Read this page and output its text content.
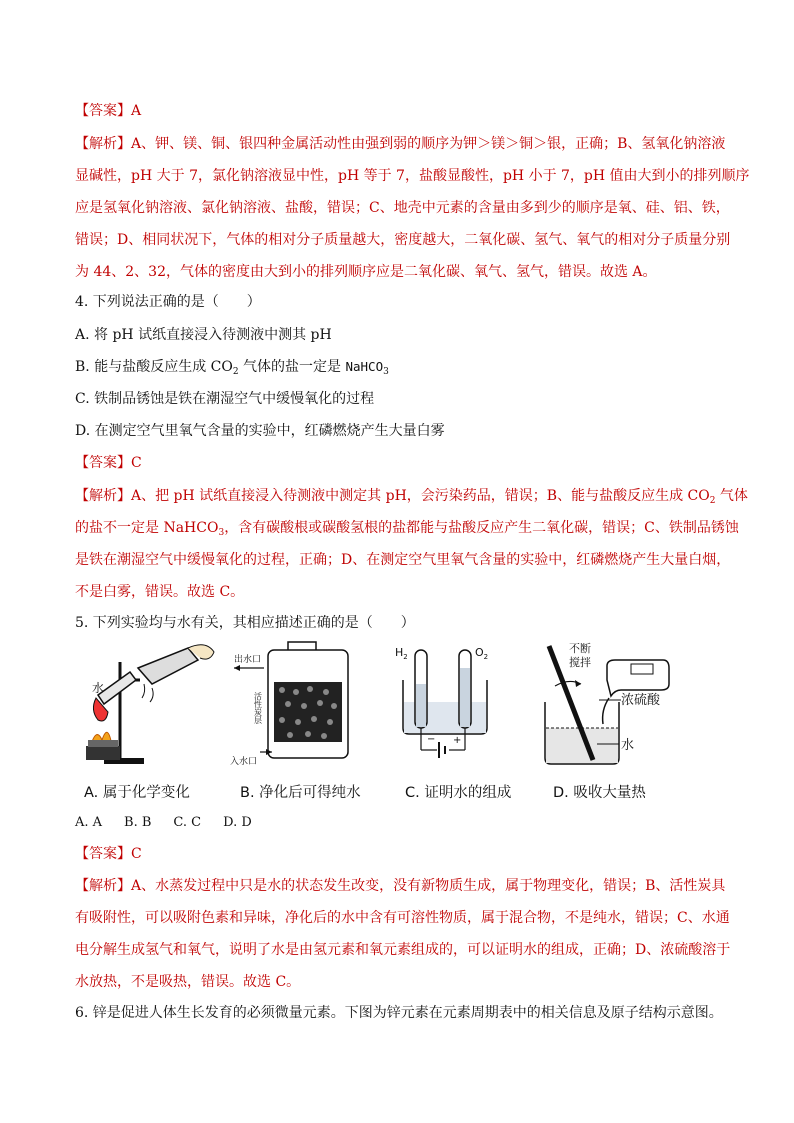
【答案】A
【解析】A、钾、镁、铜、银四种金属活动性由强到弱的顺序为钾＞镁＞铜＞银，正确；B、氢氧化钠溶液
显碱性，pH 大于 7，氯化钠溶液显中性，pH 等于 7，盐酸显酸性，pH 小于 7，pH 值由大到小的排列顺序
应是氢氧化钠溶液、氯化钠溶液、盐酸，错误；C、地壳中元素的含量由多到少的顺序是氧、硅、铝、铁，
错误；D、相同状况下，气体的相对分子质量越大，密度越大，二氧化碳、氢气、氧气的相对分子质量分别
为 44、2、32，气体的密度由大到小的排列顺序应是二氧化碳、氧气、氢气，错误。故选 A。
4. 下列说法正确的是（　　）
A. 将 pH 试纸直接浸入待测液中测其 pH
B. 能与盐酸反应生成 $CO_2$ 气体的盐一定是 NaHCO$_3$
C. 铁制品锈蚀是铁在潮湿空气中缓慢氧化的过程
D. 在测定空气里氧气含量的实验中，红磷燃烧产生大量白雾
【答案】C
【解析】A、把 pH 试纸直接浸入待测液中测定其 pH，会污染药品，错误；B、能与盐酸反应生成 $CO_2$ 气体
的盐不一定是 NaHCO$_3$，含有碳酸根或碳酸氢根的盐都能与盐酸反应产生二氧化碳，错误；C、铁制品锈蚀
是铁在潮湿空气中缓慢氧化的过程，正确；D、在测定空气里氧气含量的实验中，红磷燃烧产生大量白烟，
不是白雾，错误。故选 C。
5. 下列实验均与水有关，其相应描述正确的是（　　）
水
出水口
入水口
活性炭层
$H_2$	$O_2$
− +
不断
搅拌
浓硫酸
水
A. 属于化学变化	B. 净化后可得纯水	C. 证明水的组成	D. 吸收大量热
A. A B. B C. C D. D
【答案】C
【解析】A、水蒸发过程中只是水的状态发生改变，没有新物质生成，属于物理变化，错误；B、活性炭具
有吸附性，可以吸附色素和异味，净化后的水中含有可溶性物质，属于混合物，不是纯水，错误；C、水通
电分解生成氢气和氧气，说明了水是由氢元素和氧元素组成的，可以证明水的组成，正确；D、浓硫酸溶于
水放热，不是吸热，错误。故选 C。
6. 锌是促进人体生长发育的必须微量元素。下图为锌元素在元素周期表中的相关信息及原子结构示意图。
